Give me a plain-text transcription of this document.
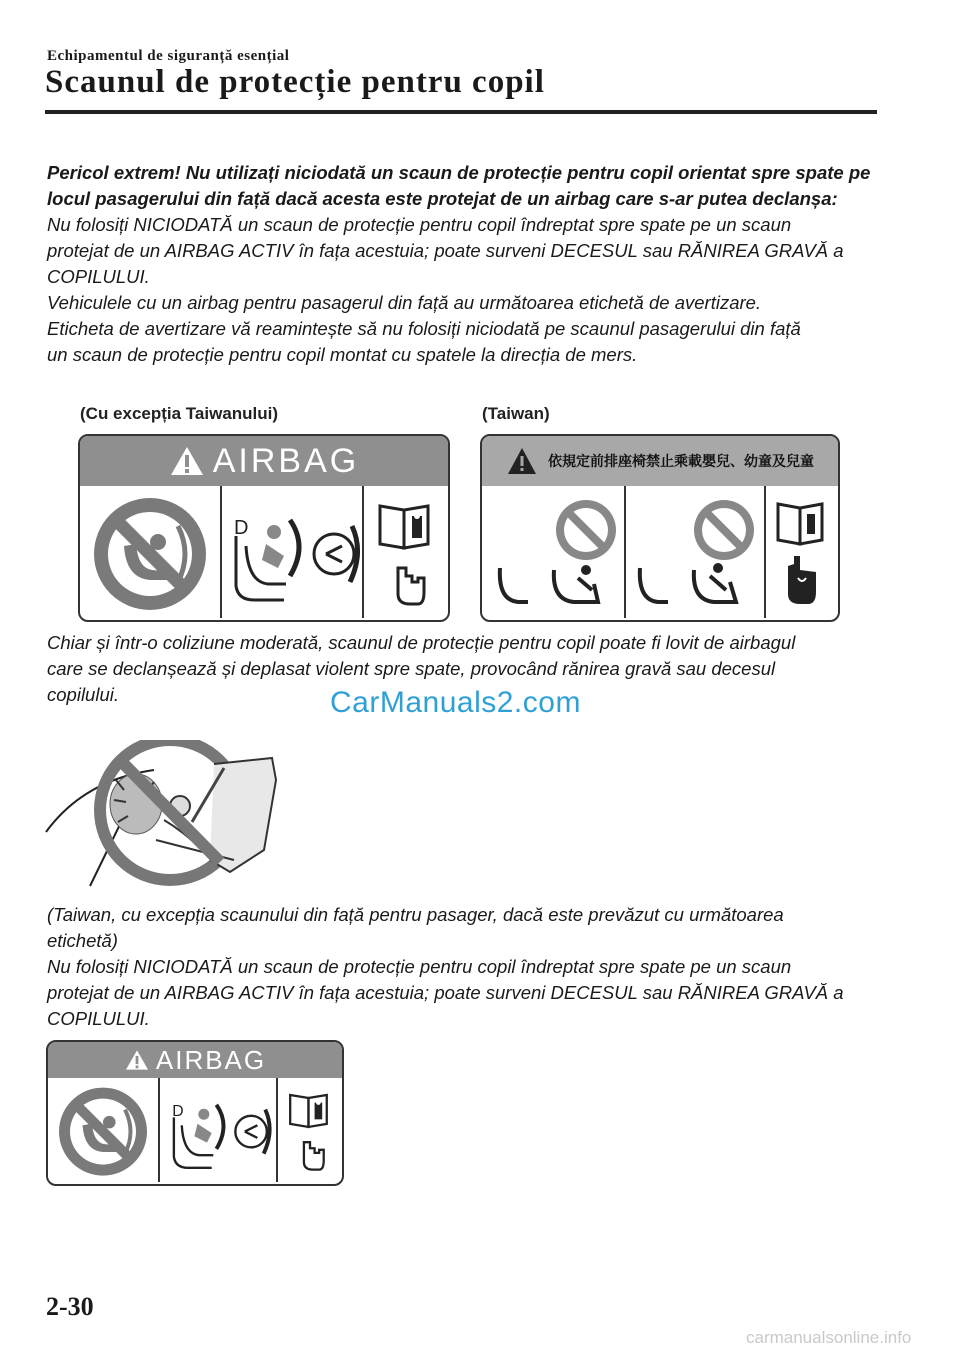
Echipamentul de siguranță esențial
Scaunul de protecție pentru copil

Pericol extrem! Nu utilizați niciodată un scaun de protecție pentru copil orientat spre spate pe

locul pasagerului din față dacă acesta este protejat de un airbag care s-ar putea declanșa:

Nu folosiți NICIODATĂ un scaun de protecție pentru copil îndreptat spre spate pe un scaun

protejat de un AIRBAG ACTIV în fața acestuia; poate surveni DECESUL sau RĂNIREA GRAVĂ a

COPILULUI.

Vehiculele cu un airbag pentru pasagerul din față au următoarea etichetă de avertizare.

Eticheta de avertizare vă reamintește să nu folosiți niciodată pe scaunul pasagerului din față

un scaun de protecție pentru copil montat cu spatele la direcția de mers.

(Cu excepția Taiwanului)	(Taiwan)
AIRBAG
D
依規定前排座椅禁止乘載嬰兒、幼童及兒童

Chiar și într-o coliziune moderată, scaunul de protecție pentru copil poate fi lovit de airbagul

care se declanșează și deplasat violent spre spate, provocând rănirea gravă sau decesul

copilului.	CarManuals2.com

(Taiwan, cu excepția scaunului din față pentru pasager, dacă este prevăzut cu următoarea

etichetă)

Nu folosiți NICIODATĂ un scaun de protecție pentru copil îndreptat spre spate pe un scaun

protejat de un AIRBAG ACTIV în fața acestuia; poate surveni DECESUL sau RĂNIREA GRAVĂ a

COPILULUI.

AIRBAG
D
2-30
carmanualsonline.info
